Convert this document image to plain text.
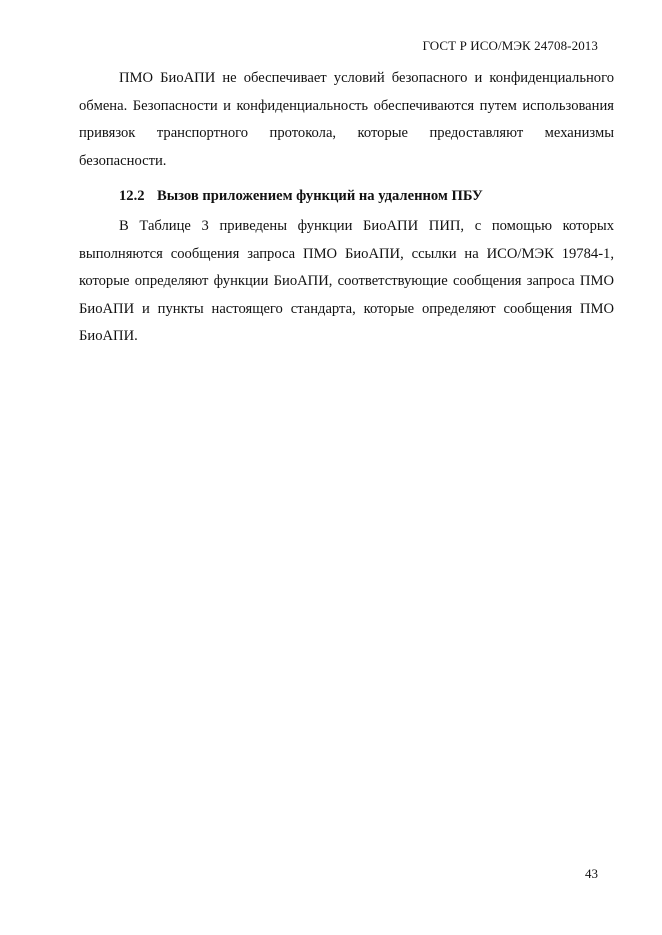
ГОСТ Р ИСО/МЭК 24708-2013

ПМО БиоАПИ не обеспечивает условий безопасного и конфиденциального обмена. Безопасности и конфиденциальность обеспечиваются путем использования привязок транспортного протокола, которые предоставляют механизмы безопасности.

12.2 Вызов приложением функций на удаленном ПБУ

В Таблице 3 приведены функции БиоАПИ ПИП, с помощью которых выполняются сообщения запроса ПМО БиоАПИ, ссылки на ИСО/МЭК 19784-1, которые определяют функции БиоАПИ, соответствующие сообщения запроса ПМО БиоАПИ и пункты настоящего стандарта, которые определяют сообщения ПМО БиоАПИ.

43
